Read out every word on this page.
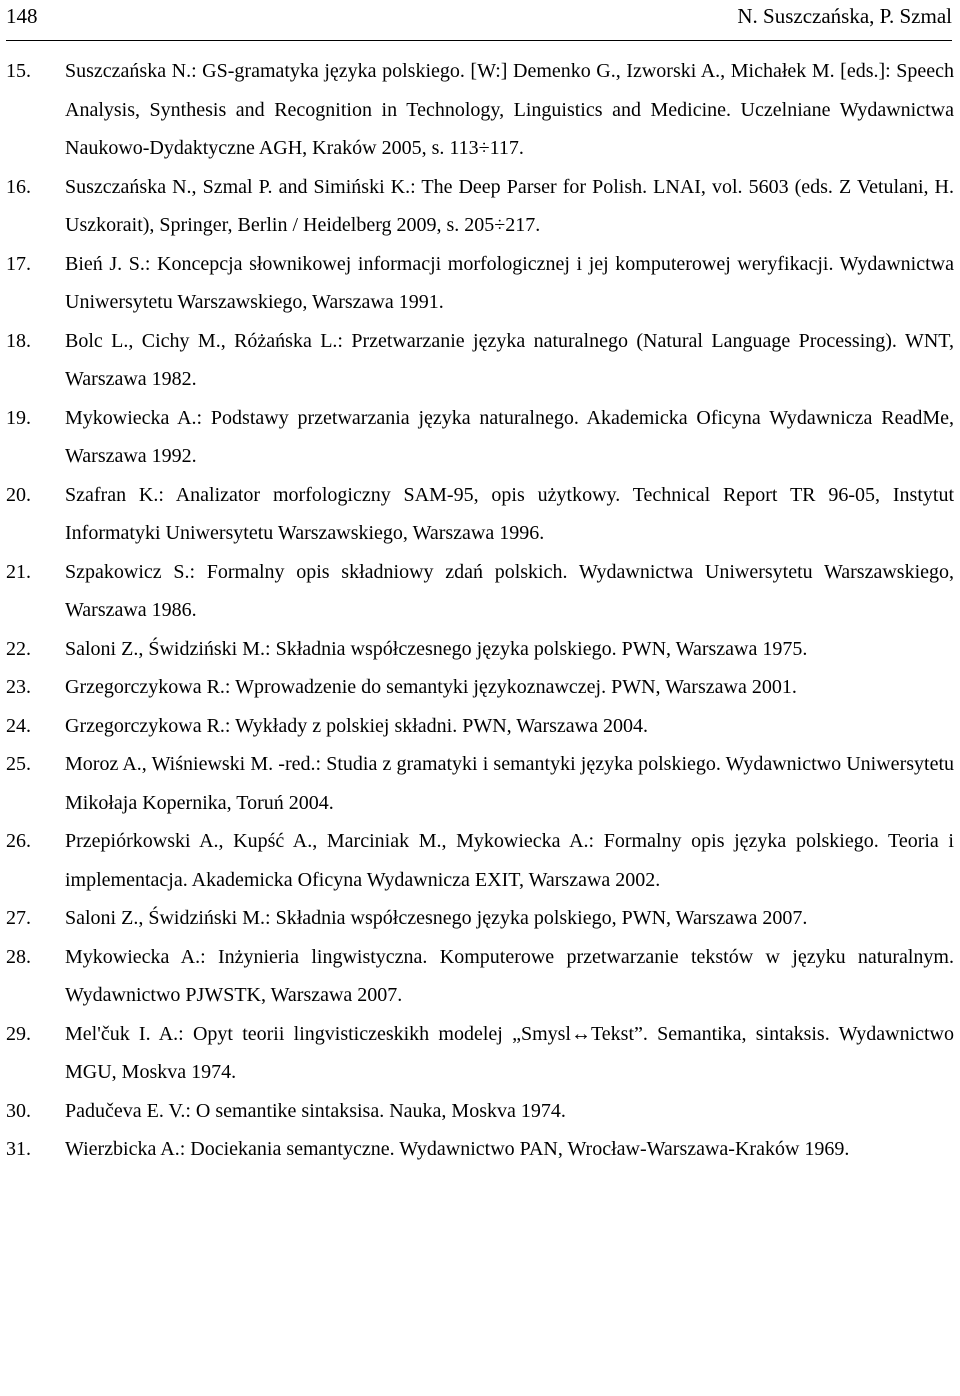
148	N. Suszczańska, P. Szmal
15.	Suszczańska N.: GS-gramatyka języka polskiego. [W:] Demenko G., Izworski A., Michałek M. [eds.]: Speech Analysis, Synthesis and Recognition in Technology, Linguistics and Medicine. Uczelniane Wydawnictwa Naukowo-Dydaktyczne AGH, Kraków 2005, s. 113÷117.
16.	Suszczańska N., Szmal P. and Simiński K.: The Deep Parser for Polish. LNAI, vol. 5603 (eds. Z Vetulani, H. Uszkorait), Springer, Berlin / Heidelberg 2009, s. 205÷217.
17.	Bień J. S.: Koncepcja słownikowej informacji morfologicznej i jej komputerowej weryfikacji. Wydawnictwa Uniwersytetu Warszawskiego, Warszawa 1991.
18.	Bolc L., Cichy M., Różańska L.: Przetwarzanie języka naturalnego (Natural Language Processing). WNT, Warszawa 1982.
19.	Mykowiecka A.: Podstawy przetwarzania języka naturalnego. Akademicka Oficyna Wydawnicza ReadMe, Warszawa 1992.
20.	Szafran K.: Analizator morfologiczny SAM-95, opis użytkowy. Technical Report TR 96-05, Instytut Informatyki Uniwersytetu Warszawskiego, Warszawa 1996.
21.	Szpakowicz S.: Formalny opis składniowy zdań polskich. Wydawnictwa Uniwersytetu Warszawskiego, Warszawa 1986.
22.	Saloni Z., Świdziński M.: Składnia współczesnego języka polskiego. PWN, Warszawa 1975.
23.	Grzegorczykowa R.: Wprowadzenie do semantyki językoznawczej. PWN, Warszawa 2001.
24.	Grzegorczykowa R.: Wykłady z polskiej składni. PWN, Warszawa 2004.
25.	Moroz A., Wiśniewski M. -red.: Studia z gramatyki i semantyki języka polskiego. Wydawnictwo Uniwersytetu Mikołaja Kopernika, Toruń 2004.
26.	Przepiórkowski A., Kupść A., Marciniak M., Mykowiecka A.: Formalny opis języka polskiego. Teoria i implementacja. Akademicka Oficyna Wydawnicza EXIT, Warszawa 2002.
27.	Saloni Z., Świdziński M.: Składnia współczesnego języka polskiego, PWN, Warszawa 2007.
28.	Mykowiecka A.: Inżynieria lingwistyczna. Komputerowe przetwarzanie tekstów w języku naturalnym. Wydawnictwo PJWSTK, Warszawa 2007.
29.	Mel'čuk I. A.: Opyt teorii lingvisticzeskikh modelej „Smysl↔Tekst”. Semantika, sintaksis. Wydawnictwo MGU, Moskva 1974.
30.	Padučeva E. V.: O semantike sintaksisa. Nauka, Moskva 1974.
31.	Wierzbicka A.: Dociekania semantyczne. Wydawnictwo PAN, Wrocław-Warszawa-Kraków 1969.
